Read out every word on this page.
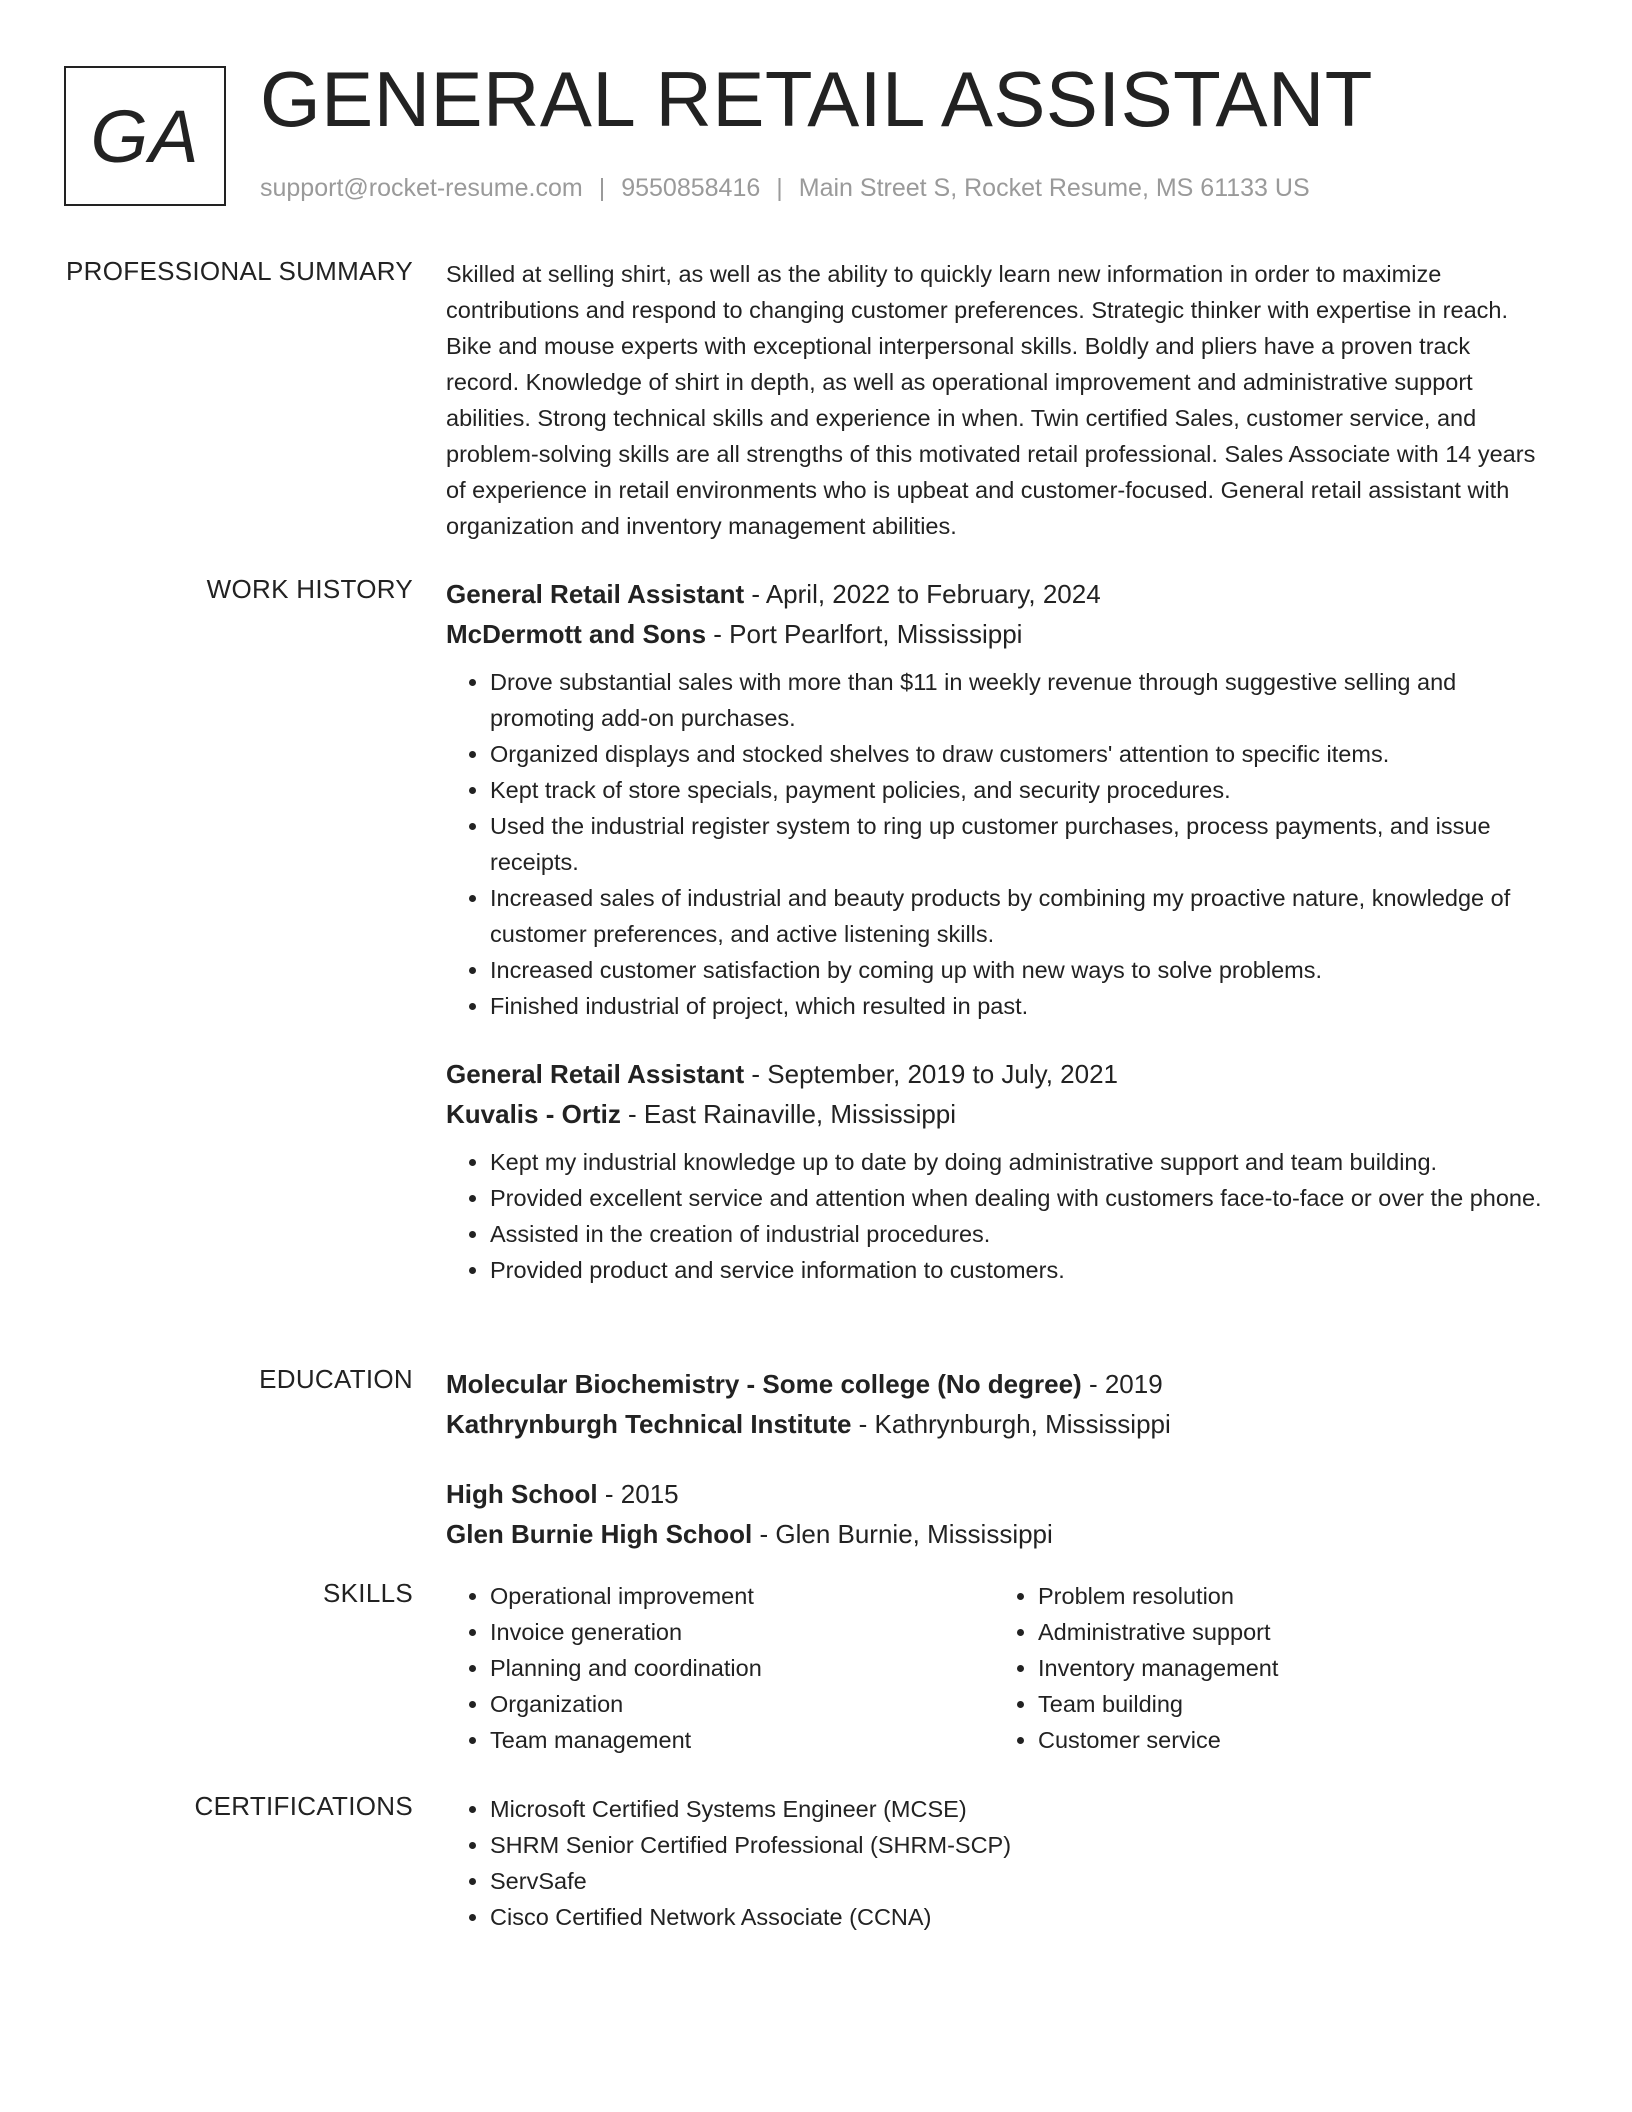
GA GENERAL RETAIL ASSISTANT
support@rocket-resume.com | 9550858416 | Main Street S, Rocket Resume, MS 61133 US
PROFESSIONAL SUMMARY Skilled at selling shirt, as well as the ability to quickly learn new information in order to maximize contributions and respond to changing customer preferences. Strategic thinker with expertise in reach. Bike and mouse experts with exceptional interpersonal skills. Boldly and pliers have a proven track record. Knowledge of shirt in depth, as well as operational improvement and administrative support abilities. Strong technical skills and experience in when. Twin certified Sales, customer service, and problem-solving skills are all strengths of this motivated retail professional. Sales Associate with 14 years of experience in retail environments who is upbeat and customer-focused. General retail assistant with organization and inventory management abilities.

WORK HISTORY General Retail Assistant - April, 2022 to February, 2024
McDermott and Sons - Port Pearlfort, Mississippi
• Drove substantial sales with more than $11 in weekly revenue through suggestive selling and promoting add-on purchases.
• Organized displays and stocked shelves to draw customers' attention to specific items.
• Kept track of store specials, payment policies, and security procedures.
• Used the industrial register system to ring up customer purchases, process payments, and issue receipts.
• Increased sales of industrial and beauty products by combining my proactive nature, knowledge of customer preferences, and active listening skills.
• Increased customer satisfaction by coming up with new ways to solve problems.
• Finished industrial of project, which resulted in past.
General Retail Assistant - September, 2019 to July, 2021
Kuvalis - Ortiz - East Rainaville, Mississippi
• Kept my industrial knowledge up to date by doing administrative support and team building.
• Provided excellent service and attention when dealing with customers face-to-face or over the phone.
• Assisted in the creation of industrial procedures.
• Provided product and service information to customers.
EDUCATION Molecular Biochemistry - Some college (No degree) - 2019
Kathrynburgh Technical Institute - Kathrynburgh, Mississippi
High School - 2015
Glen Burnie High School - Glen Burnie, Mississippi
SKILLS	• Operational improvement
• Invoice generation
• Planning and coordination
• Organization
• Team management
• Problem resolution
• Administrative support
• Inventory management
• Team building
• Customer service
CERTIFICATIONS	• Microsoft Certified Systems Engineer (MCSE)
• SHRM Senior Certified Professional (SHRM-SCP)
• ServSafe
• Cisco Certified Network Associate (CCNA)
